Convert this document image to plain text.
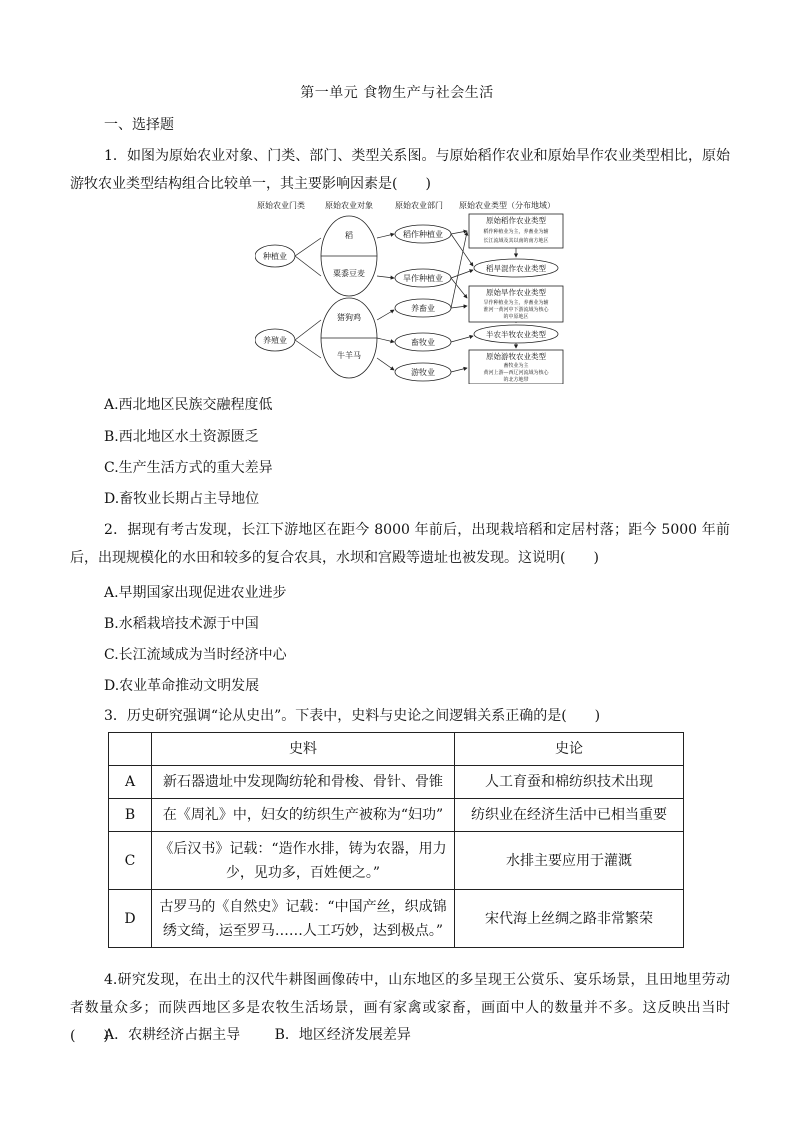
第一单元 食物生产与社会生活
一、选择题

1．如图为原始农业对象、门类、部门、类型关系图。与原始稻作农业和原始旱作农业类型相比，原始游牧农业类型结构组合比较单一，其主要影响因素是(　　)

原始农业门类	原始农业对象	原始农业部门 原始农业类型（分布地域）
种植业
养殖业
稻
粟黍豆麦
猪狗鸡
牛羊马
稻作种植业
旱作种植业
养畜业
畜牧业
游牧业
原始稻作农业类型
稻作种植业为主，养畜业为辅
长江流域及其以南的南方地区
稻旱混作农业类型
原始旱作农业类型
旱作种植业为主，养畜业为辅
淮河一黄河中下游流域为核心
的中原地区
半农半牧农业类型
原始游牧农业类型
畜牧业为主
黄河上游—西辽河流域为核心
的北方地带
A.西北地区民族交融程度低
B.西北地区水土资源匮乏
C.生产生活方式的重大差异
D.畜牧业长期占主导地位

2．据现有考古发现，长江下游地区在距今 8000 年前后，出现栽培稻和定居村落；距今 5000 年前后，出现规模化的水田和较多的复合农具，水坝和宫殿等遗址也被发现。这说明(　　)

A.早期国家出现促进农业进步
B.水稻栽培技术源于中国
C.长江流域成为当时经济中心
D.农业革命推动文明发展

3．历史研究强调“论从史出”。下表中，史料与史论之间逻辑关系正确的是(　　)

	史料	史论
A	新石器遗址中发现陶纺轮和骨梭、骨针、骨锥	人工育蚕和棉纺织技术出现
B	在《周礼》中，妇女的纺织生产被称为“妇功”	纺织业在经济生活中已相当重要
C	《后汉书》记载：“造作水排，铸为农器，用力少，见功多，百姓便之。”	水排主要应用于灌溉
D	古罗马的《自然史》记载：“中国产丝，织成锦绣文绮，运至罗马……人工巧妙，达到极点。”	宋代海上丝绸之路非常繁荣

4.研究发现，在出土的汉代牛耕图画像砖中，山东地区的多呈现王公赏乐、宴乐场景，且田地里劳动者数量众多；而陕西地区多是农牧生活场景，画有家禽或家畜，画面中人的数量并不多。这反映出当时(　　)

A．农耕经济占据主导 B．地区经济发展差异
